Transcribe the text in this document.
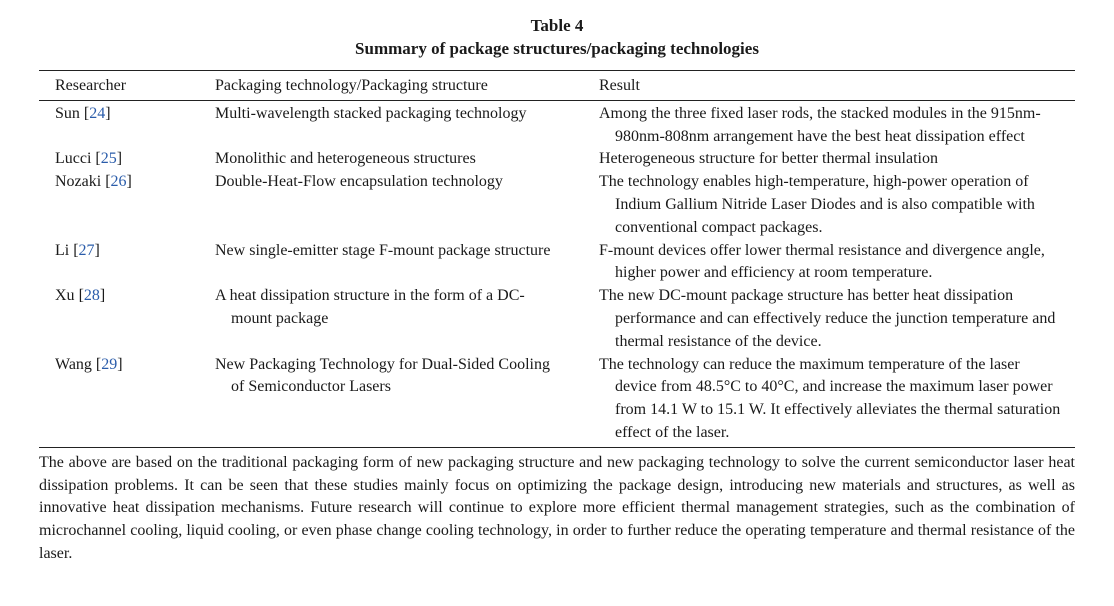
Table 4
Summary of package structures/packaging technologies
Researcher	Packaging technology/Packaging structure	Result
Sun [24]	Multi-wavelength stacked packaging technology	Among the three fixed laser rods, the stacked modules in the 915nm-980nm-808nm arrangement have the best heat dissipation effect

Lucci [25]	Monolithic and heterogeneous structures	Heterogeneous structure for better thermal insulation

Nozaki [26]	Double-Heat-Flow encapsulation technology	The technology enables high-temperature, high-power operation of Indium Gallium Nitride Laser Diodes and is also compatible with conventional compact packages.

Li [27]	New single-emitter stage F-mount package structure	F-mount devices offer lower thermal resistance and divergence angle, higher power and efficiency at room temperature.

Xu [28]	A heat dissipation structure in the form of a DC-mount package	The new DC-mount package structure has better heat dissipation performance and can effectively reduce the junction temperature and thermal resistance of the device.

Wang [29]	New Packaging Technology for Dual-Sided Cooling of Semiconductor Lasers	The technology can reduce the maximum temperature of the laser device from 48.5°C to 40°C, and increase the maximum laser power from 14.1 W to 15.1 W. It effectively alleviates the thermal saturation effect of the laser.

The above are based on the traditional packaging form of new packaging structure and new packaging technology to solve the current semiconductor laser heat dissipation problems. It can be seen that these studies mainly focus on optimizing the package design, introducing new materials and structures, as well as innovative heat dissipation mechanisms. Future research will continue to explore more efficient thermal management strategies, such as the combination of microchannel cooling, liquid cooling, or even phase change cooling technology, in order to further reduce the operating temperature and thermal resistance of the laser.
